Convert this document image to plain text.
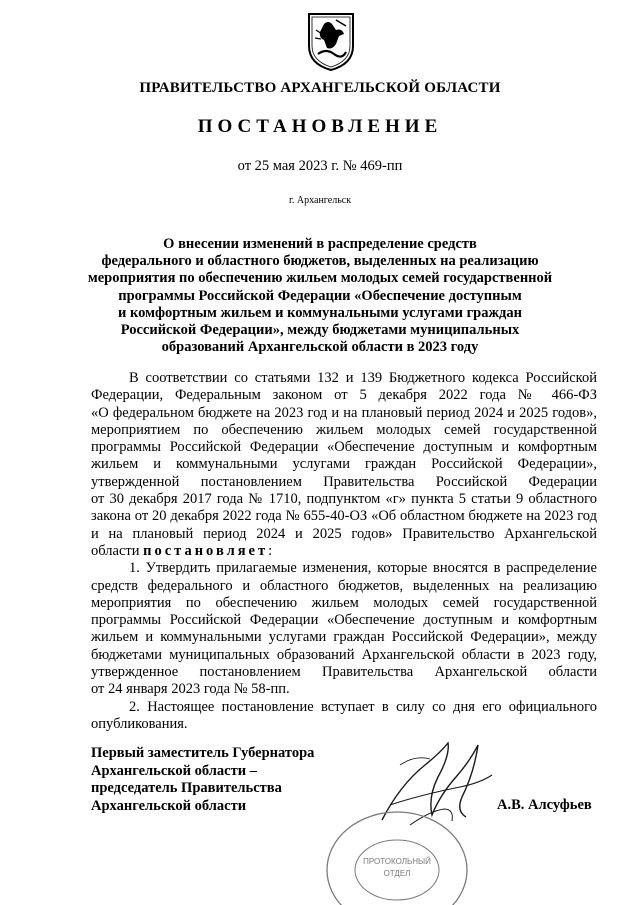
ПРАВИТЕЛЬСТВО АРХАНГЕЛЬСКОЙ ОБЛАСТИ
ПОСТАНОВЛЕНИЕ
от 25 мая 2023 г. № 469-пп
г. Архангельск
О внесении изменений в распределение средств
федерального и областного бюджетов, выделенных на реализацию
мероприятия по обеспечению жильем молодых семей государственной
программы Российской Федерации «Обеспечение доступным
и комфортным жильем и коммунальными услугами граждан
Российской Федерации», между бюджетами муниципальных
образований Архангельской области в 2023 году
В соответствии со статьями 132 и 139 Бюджетного кодекса Российской
Федерации, Федеральным законом от 5 декабря 2022 года № 466-ФЗ
«О федеральном бюджете на 2023 год и на плановый период 2024 и 2025 годов»,
мероприятием по обеспечению жильем молодых семей государственной
программы Российской Федерации «Обеспечение доступным и комфортным
жильем и коммунальными услугами граждан Российской Федерации»,
утвержденной постановлением Правительства Российской Федерации
от 30 декабря 2017 года № 1710, подпунктом «г» пункта 5 статьи 9 областного
закона от 20 декабря 2022 года № 655-40-ОЗ «Об областном бюджете на 2023 год
и на плановый период 2024 и 2025 годов» Правительство Архангельской
области постановляет:
1. Утвердить прилагаемые изменения, которые вносятся в распределение
средств федерального и областного бюджетов, выделенных на реализацию
мероприятия по обеспечению жильем молодых семей государственной
программы Российской Федерации «Обеспечение доступным и комфортным
жильем и коммунальными услугами граждан Российской Федерации», между
бюджетами муниципальных образований Архангельской области в 2023 году,
утвержденное постановлением Правительства Архангельской области
от 24 января 2023 года № 58-пп.
2. Настоящее постановление вступает в силу со дня его официального
опубликования.
Первый заместитель Губернатора
Архангельской области –
председатель Правительства
Архангельской области	А.В. Алсуфьев
ПРОТОКОЛЬНЫЙ
ОТДЕЛ
